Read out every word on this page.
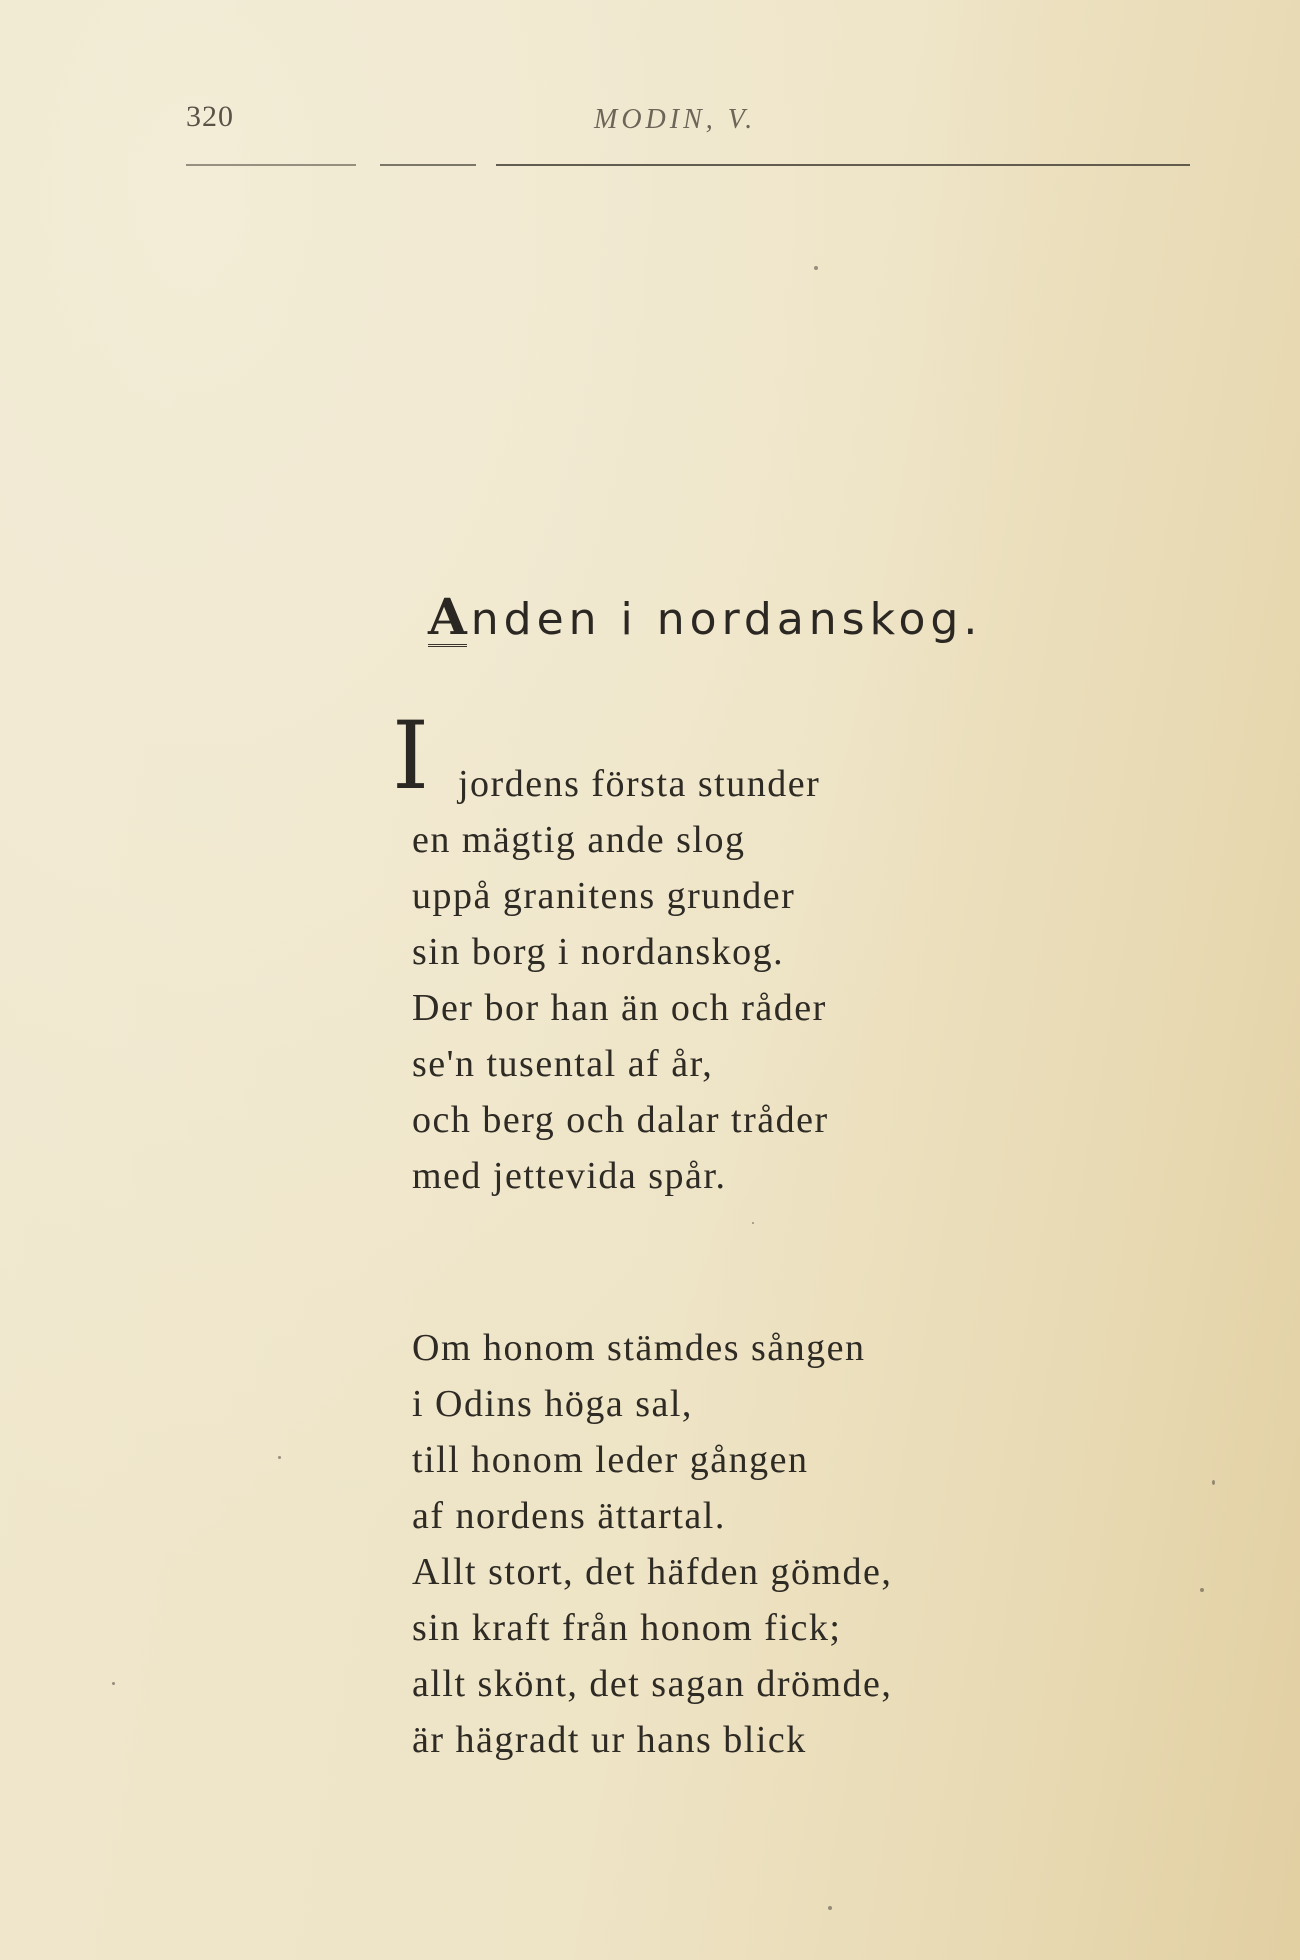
320	MODIN, V.
Anden i nordanskog.
I jordens första stunder
en mägtig ande slog
uppå granitens grunder
sin borg i nordanskog.
Der bor han än och råder
se'n tusental af år,
och berg och dalar tråder
med jettevida spår.
Om honom stämdes sången
i Odins höga sal,
till honom leder gången
af nordens ättartal.
Allt stort, det häfden gömde,
sin kraft från honom fick;
allt skönt, det sagan drömde,
är hägradt ur hans blick
